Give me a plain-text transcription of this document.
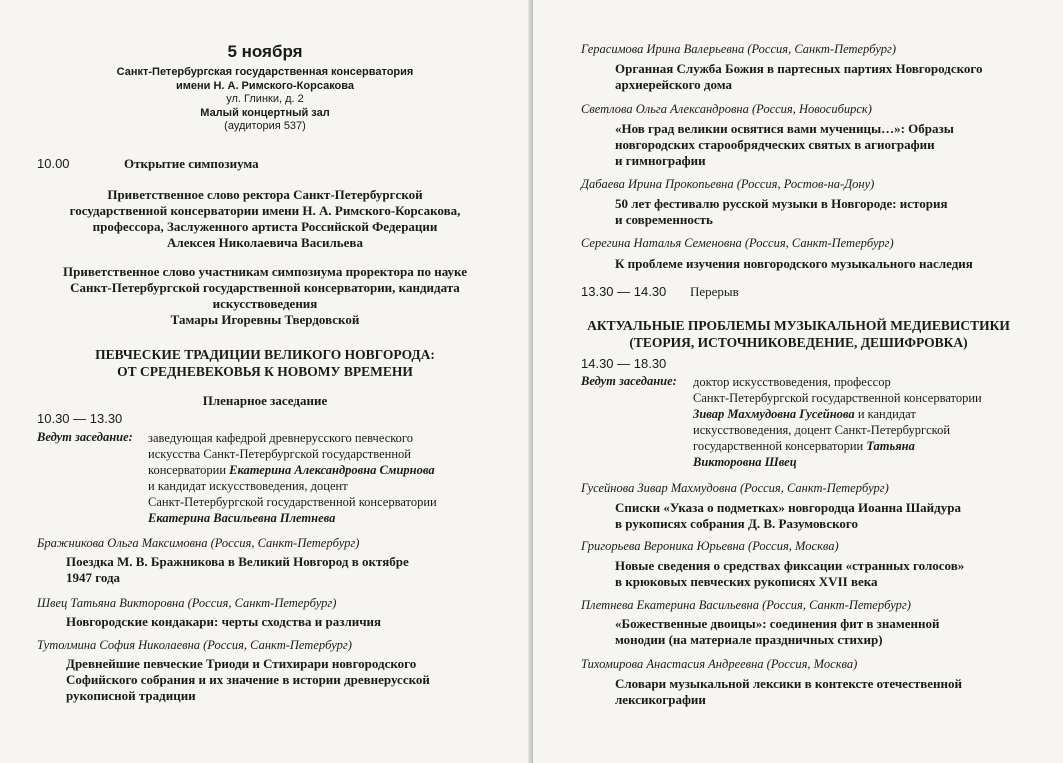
5 ноября
Санкт-Петербургская государственная консерватория
имени Н. А. Римского-Корсакова
ул. Глинки, д. 2
Малый концертный зал
(аудитория 537)
10.00	Открытие симпозиума
Приветственное слово ректора Санкт-Петербургской
государственной консерватории имени Н. А. Римского-Корсакова,
профессора, Заслуженного артиста Российской Федерации
Алексея Николаевича Васильева
Приветственное слово участникам симпозиума проректора по науке
Санкт-Петербургской государственной консерватории, кандидата
искусствоведения
Тамары Игоревны Твердовской
ПЕВЧЕСКИЕ ТРАДИЦИИ ВЕЛИКОГО НОВГОРОДА:
ОТ СРЕДНЕВЕКОВЬЯ К НОВОМУ ВРЕМЕНИ
Пленарное заседание
10.30 — 13.30
Ведут заседание: заведующая кафедрой древнерусского певческого
искусства Санкт-Петербургской государственной
консерватории Екатерина Александровна Смирнова
и кандидат искусствоведения, доцент
Санкт-Петербургской государственной консерватории
Екатерина Васильевна Плетнева
Бражникова Ольга Максимовна (Россия, Санкт-Петербург)
Поездка М. В. Бражникова в Великий Новгород в октябре
1947 года
Швец Татьяна Викторовна (Россия, Санкт-Петербург)
Новгородские кондакари: черты сходства и различия
Тутолмина София Николаевна (Россия, Санкт-Петербург)
Древнейшие певческие Триоди и Стихирари новгородского
Софийского собрания и их значение в истории древнерусской
рукописной традиции
Герасимова Ирина Валерьевна (Россия, Санкт-Петербург)
Органная Служба Божия в партесных партиях Новгородского
архиерейского дома
Светлова Ольга Александровна (Россия, Новосибирск)
«Нов град великии освятися вами мученицы…»: Образы
новгородских старообрядческих святых в агиографии
и гимнографии
Дабаева Ирина Прокопьевна (Россия, Ростов-на-Дону)
50 лет фестивалю русской музыки в Новгороде: история
и современность
Серегина Наталья Семеновна (Россия, Санкт-Петербург)
К проблеме изучения новгородского музыкального наследия
13.30 — 14.30 Перерыв
АКТУАЛЬНЫЕ ПРОБЛЕМЫ МУЗЫКАЛЬНОЙ МЕДИЕВИСТИКИ
(ТЕОРИЯ, ИСТОЧНИКОВЕДЕНИЕ, ДЕШИФРОВКА)
14.30 — 18.30
Ведут заседание: доктор искусствоведения, профессор
Санкт-Петербургской государственной консерватории
Зивар Махмудовна Гусейнова и кандидат
искусствоведения, доцент Санкт-Петербургской
государственной консерватории Татьяна
Викторовна Швец
Гусейнова Зивар Махмудовна (Россия, Санкт-Петербург)
Списки «Указа о подметках» новгородца Иоанна Шайдура
в рукописях собрания Д. В. Разумовского
Григорьева Вероника Юрьевна (Россия, Москва)
Новые сведения о средствах фиксации «странных голосов»
в крюковых певческих рукописях XVII века
Плетнева Екатерина Васильевна (Россия, Санкт-Петербург)
«Божественные двоицы»: соединения фит в знаменной
монодии (на материале праздничных стихир)
Тихомирова Анастасия Андреевна (Россия, Москва)
Словари музыкальной лексики в контексте отечественной
лексикографии
